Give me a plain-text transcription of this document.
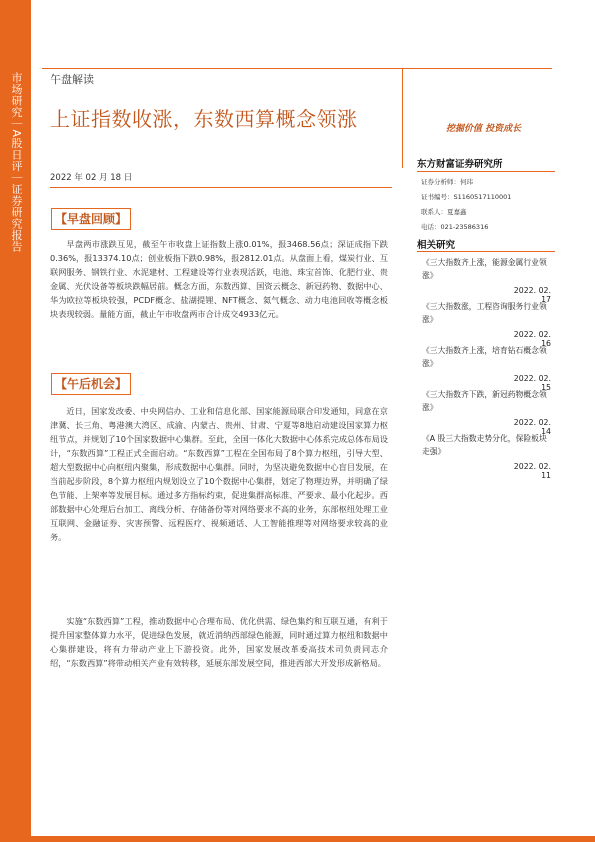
市场研究｜A股日评｜证券研究报告 午盘解读
上证指数收涨，东数西算概念领涨	挖掘价值 投资成长
2022 年 02 月 18 日
【早盘回顾】

早盘两市涨跌互见，截至午市收盘上证指数上涨0.01%，报3468.56点；深证成指下跌0.36%，报13374.10点；创业板指下跌0.98%，报2812.01点。从盘面上看，煤炭行业、互联网服务、钢铁行业、水泥建材、工程建设等行业表现活跃，电池、珠宝首饰、化肥行业、贵金属、光伏设备等板块跌幅居前。概念方面，东数西算、国资云概念、新冠药物、数据中心、华为欧拉等板块较强，PCDF概念、盐湖提锂、NFT概念、氦气概念、动力电池回收等概念板块表现较弱。量能方面，截止午市收盘两市合计成交4933亿元。

【午后机会】

近日，国家发改委、中央网信办、工业和信息化部、国家能源局联合印发通知，同意在京津冀、长三角、粤港澳大湾区、成渝、内蒙古、贵州、甘肃、宁夏等8地启动建设国家算力枢纽节点，并规划了10个国家数据中心集群。至此，全国一体化大数据中心体系完成总体布局设计，“东数西算”工程正式全面启动。“东数西算”工程在全国布局了8个算力枢纽，引导大型、超大型数据中心向枢纽内聚集，形成数据中心集群。同时，为坚决避免数据中心盲目发展，在当前起步阶段，8个算力枢纽内规划设立了10个数据中心集群，划定了物理边界，并明确了绿色节能、上架率等发展目标。通过多方指标约束，促进集群高标准、严要求、最小化起步。西部数据中心处理后台加工、离线分析、存储备份等对网络要求不高的业务，东部枢纽处理工业互联网、金融证券、灾害预警、远程医疗、视频通话、人工智能推理等对网络要求较高的业务。

实施“东数西算”工程，推动数据中心合理布局、优化供需、绿色集约和互联互通，有利于提升国家整体算力水平，促进绿色发展，就近消纳西部绿色能源，同时通过算力枢纽和数据中心集群建设，将有力带动产业上下游投资。此外，国家发展改革委高技术司负责同志介绍，“东数西算”将带动相关产业有效转移，延展东部发展空间，推进西部大开发形成新格局。

东方财富证券研究所
证券分析师：何玮
证书编号：S1160517110001
联系人：夏嘉鑫
电话：021-23586316
相关研究
《三大指数齐上涨，能源金属行业领涨》
2022. 02. 17
《三大指数涨，工程咨询服务行业领涨》
2022. 02. 16
《三大指数齐上涨，培育钻石概念领涨》
2022. 02. 15
《三大指数齐下跌，新冠药物概念领涨》
2022. 02. 14
《A 股三大指数走势分化，保险板块走强》
2022. 02. 11
